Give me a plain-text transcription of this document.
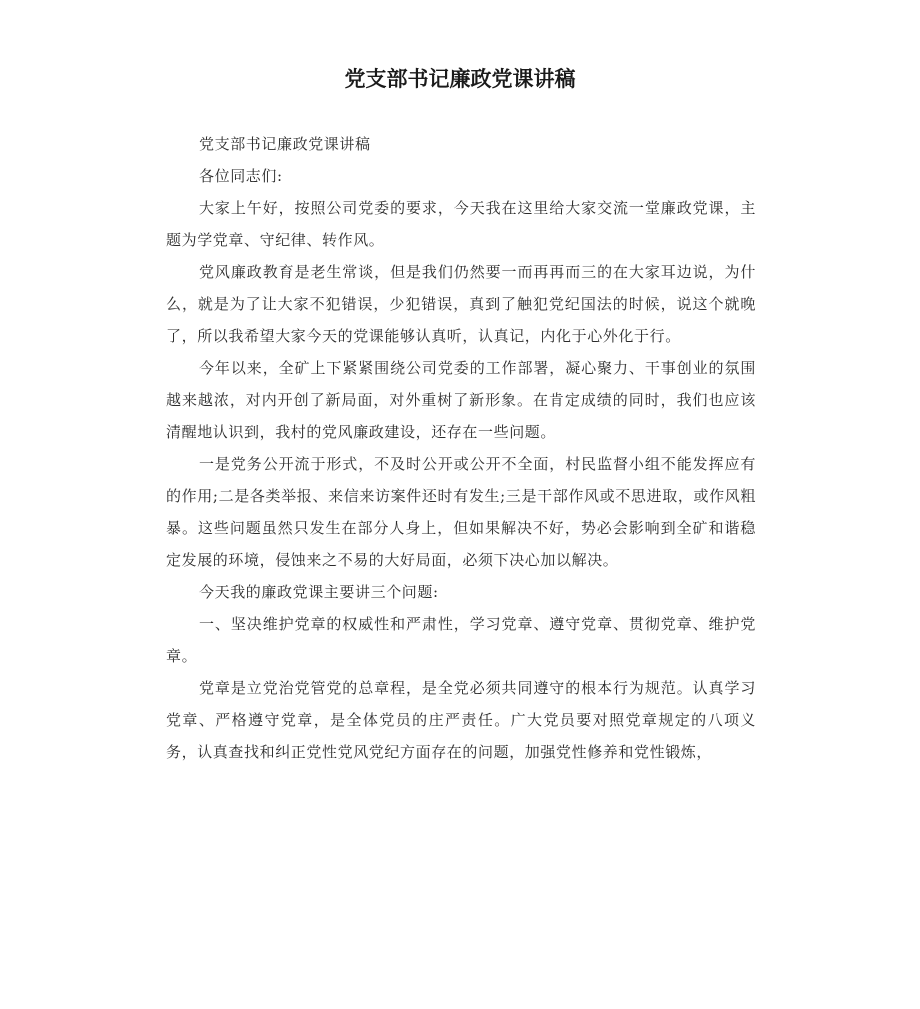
党支部书记廉政党课讲稿

党支部书记廉政党课讲稿

各位同志们:

大家上午好，按照公司党委的要求，今天我在这里给大家交流一堂廉政党课，主题为学党章、守纪律、转作风。

党风廉政教育是老生常谈，但是我们仍然要一而再再而三的在大家耳边说，为什么，就是为了让大家不犯错误，少犯错误，真到了触犯党纪国法的时候，说这个就晚了，所以我希望大家今天的党课能够认真听，认真记，内化于心外化于行。

今年以来，全矿上下紧紧围绕公司党委的工作部署，凝心聚力、干事创业的氛围越来越浓，对内开创了新局面，对外重树了新形象。在肯定成绩的同时，我们也应该清醒地认识到，我村的党风廉政建设，还存在一些问题。

一是党务公开流于形式，不及时公开或公开不全面，村民监督小组不能发挥应有的作用;二是各类举报、来信来访案件还时有发生;三是干部作风或不思进取，或作风粗暴。这些问题虽然只发生在部分人身上，但如果解决不好，势必会影响到全矿和谐稳定发展的环境，侵蚀来之不易的大好局面，必须下决心加以解决。

今天我的廉政党课主要讲三个问题:

一、坚决维护党章的权威性和严肃性，学习党章、遵守党章、贯彻党章、维护党章。

党章是立党治党管党的总章程，是全党必须共同遵守的根本行为规范。认真学习党章、严格遵守党章，是全体党员的庄严责任。广大党员要对照党章规定的八项义务，认真查找和纠正党性党风党纪方面存在的问题，加强党性修养和党性锻炼，
